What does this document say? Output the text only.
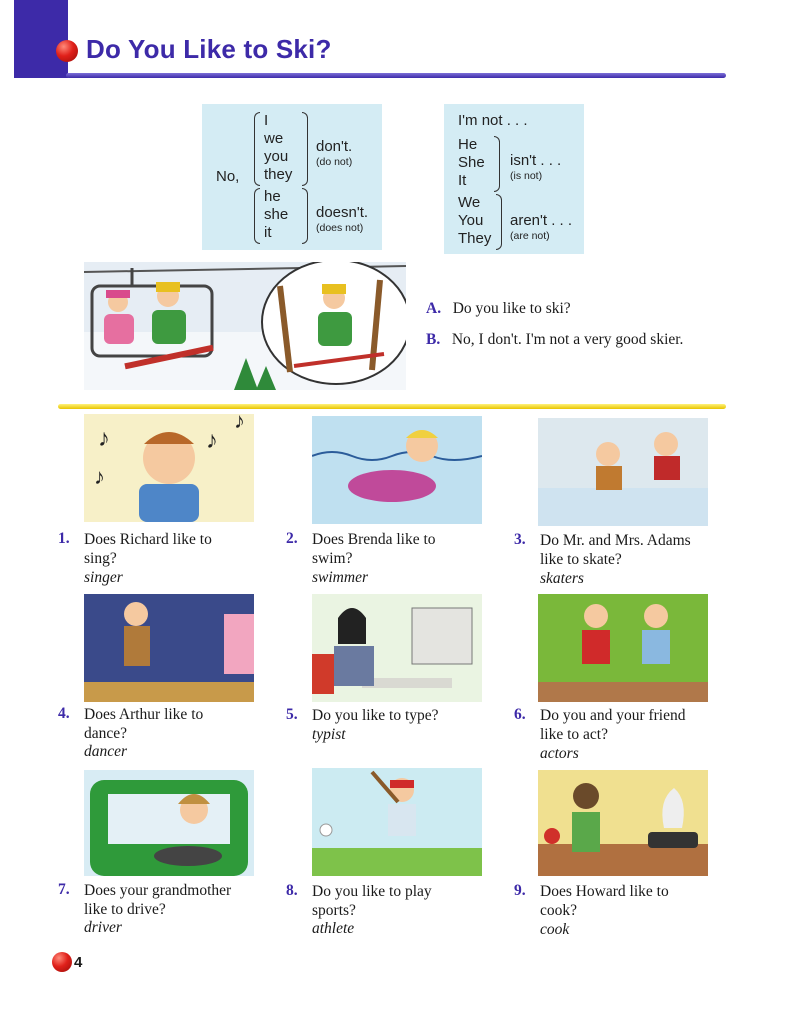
Do You Like to Ski?
No,
I
we
you
they
don't.
(do not)
he
she
it
doesn't.
(does not)
I'm not . . .
He
She
It
isn't . . .
(is not)
We
You
They
aren't . . .
(are not)
A. Do you like to ski?
B. No, I don't. I'm not a very good skier.
♪	♪
♪
♪
1. Does Richard like to
sing?
singer
2. Does Brenda like to
swim?
swimmer
3. Do Mr. and Mrs. Adams
like to skate?
skaters
4. Does Arthur like to
dance?
dancer
5. Do you like to type?
typist
6. Do you and your friend
like to act?
actors
7. Does your grandmother
like to drive?
driver
8. Do you like to play
sports?
athlete
9. Does Howard like to
cook?
cook
4
